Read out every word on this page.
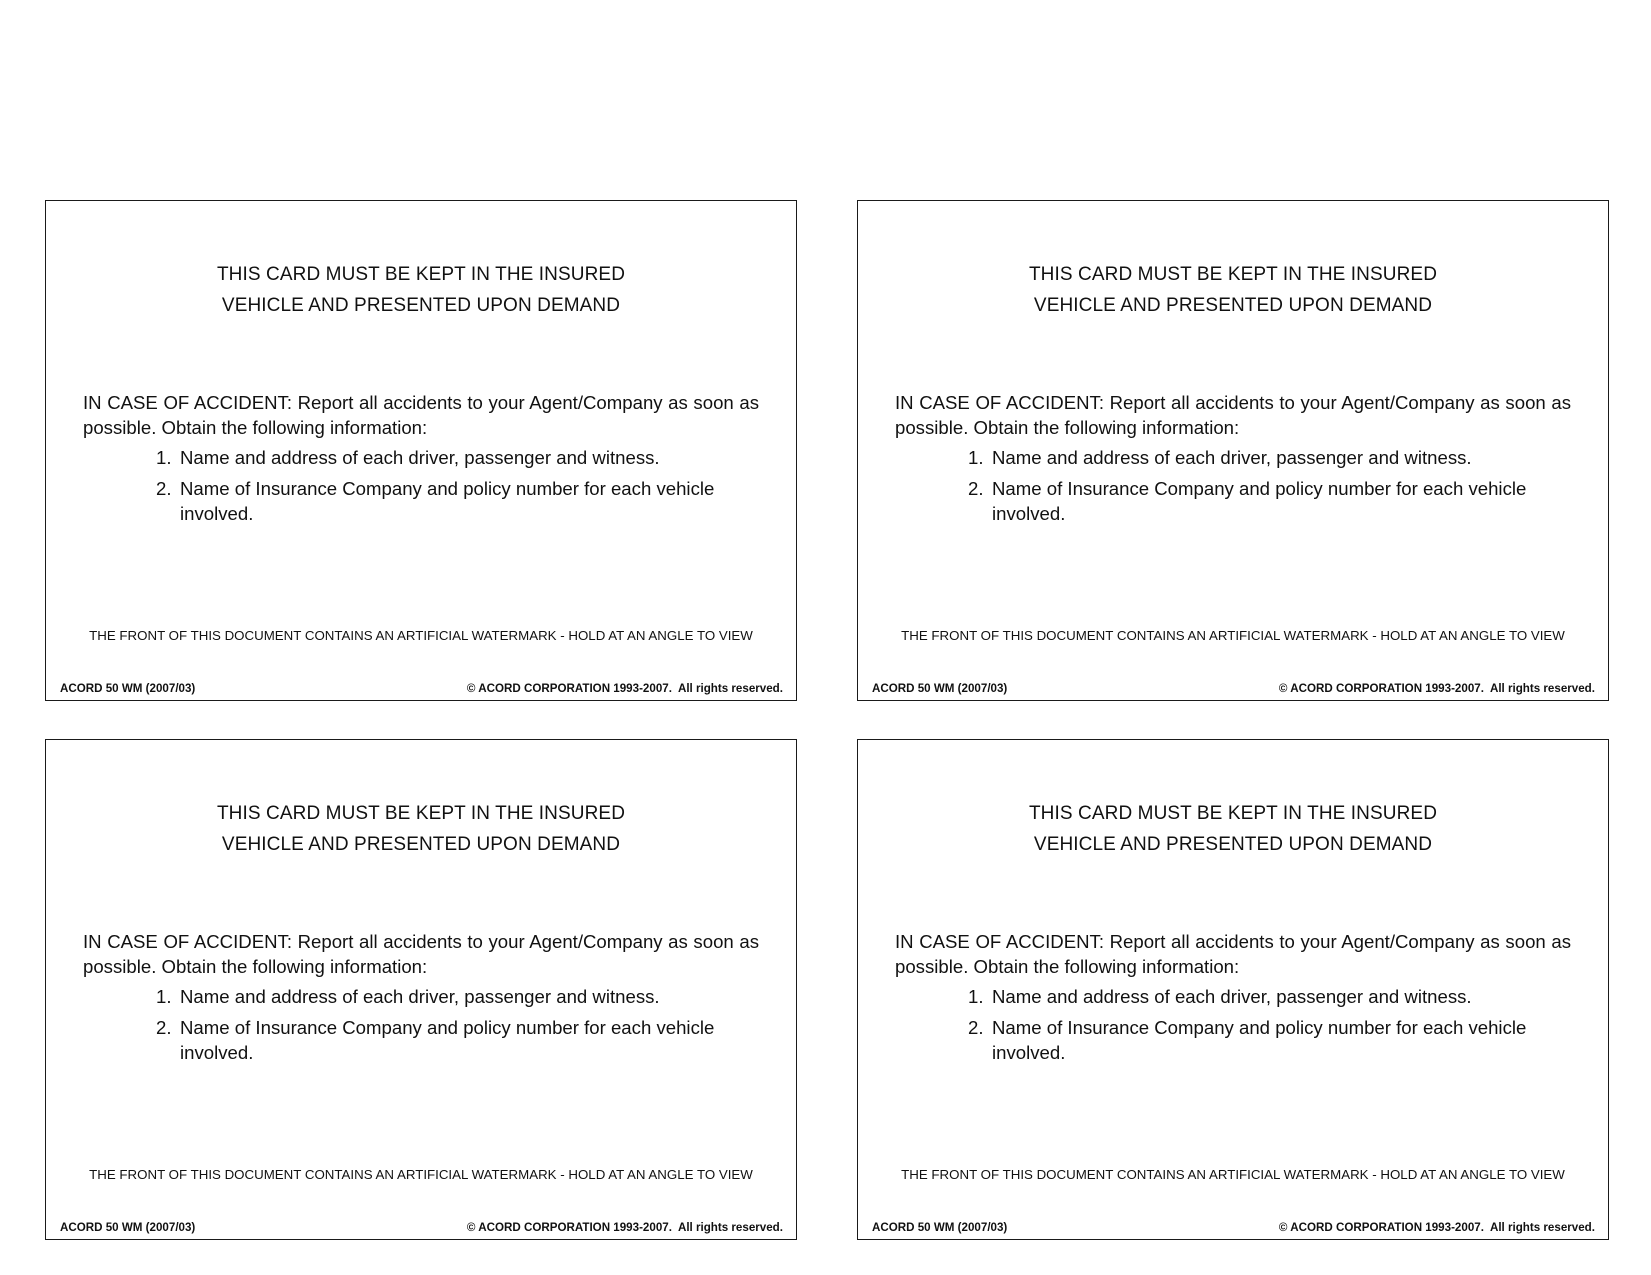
THIS CARD MUST BE KEPT IN THE INSURED
VEHICLE AND PRESENTED UPON DEMAND
IN CASE OF ACCIDENT: Report all accidents to your Agent/Company as soon as possible. Obtain the following information:
1. Name and address of each driver, passenger and witness.
2. Name of Insurance Company and policy number for each vehicle involved.
THE FRONT OF THIS DOCUMENT CONTAINS AN ARTIFICIAL WATERMARK - HOLD AT AN ANGLE TO VIEW
ACORD 50 WM (2007/03)	© ACORD CORPORATION 1993-2007.  All rights reserved.
THIS CARD MUST BE KEPT IN THE INSURED
VEHICLE AND PRESENTED UPON DEMAND
IN CASE OF ACCIDENT: Report all accidents to your Agent/Company as soon as possible. Obtain the following information:
1. Name and address of each driver, passenger and witness.
2. Name of Insurance Company and policy number for each vehicle involved.
THE FRONT OF THIS DOCUMENT CONTAINS AN ARTIFICIAL WATERMARK - HOLD AT AN ANGLE TO VIEW
ACORD 50 WM (2007/03)	© ACORD CORPORATION 1993-2007.  All rights reserved.
THIS CARD MUST BE KEPT IN THE INSURED
VEHICLE AND PRESENTED UPON DEMAND
IN CASE OF ACCIDENT: Report all accidents to your Agent/Company as soon as possible. Obtain the following information:
1. Name and address of each driver, passenger and witness.
2. Name of Insurance Company and policy number for each vehicle involved.
THE FRONT OF THIS DOCUMENT CONTAINS AN ARTIFICIAL WATERMARK - HOLD AT AN ANGLE TO VIEW
ACORD 50 WM (2007/03)	© ACORD CORPORATION 1993-2007.  All rights reserved.
THIS CARD MUST BE KEPT IN THE INSURED
VEHICLE AND PRESENTED UPON DEMAND
IN CASE OF ACCIDENT: Report all accidents to your Agent/Company as soon as possible. Obtain the following information:
1. Name and address of each driver, passenger and witness.
2. Name of Insurance Company and policy number for each vehicle involved.
THE FRONT OF THIS DOCUMENT CONTAINS AN ARTIFICIAL WATERMARK - HOLD AT AN ANGLE TO VIEW
ACORD 50 WM (2007/03)	© ACORD CORPORATION 1993-2007.  All rights reserved.
